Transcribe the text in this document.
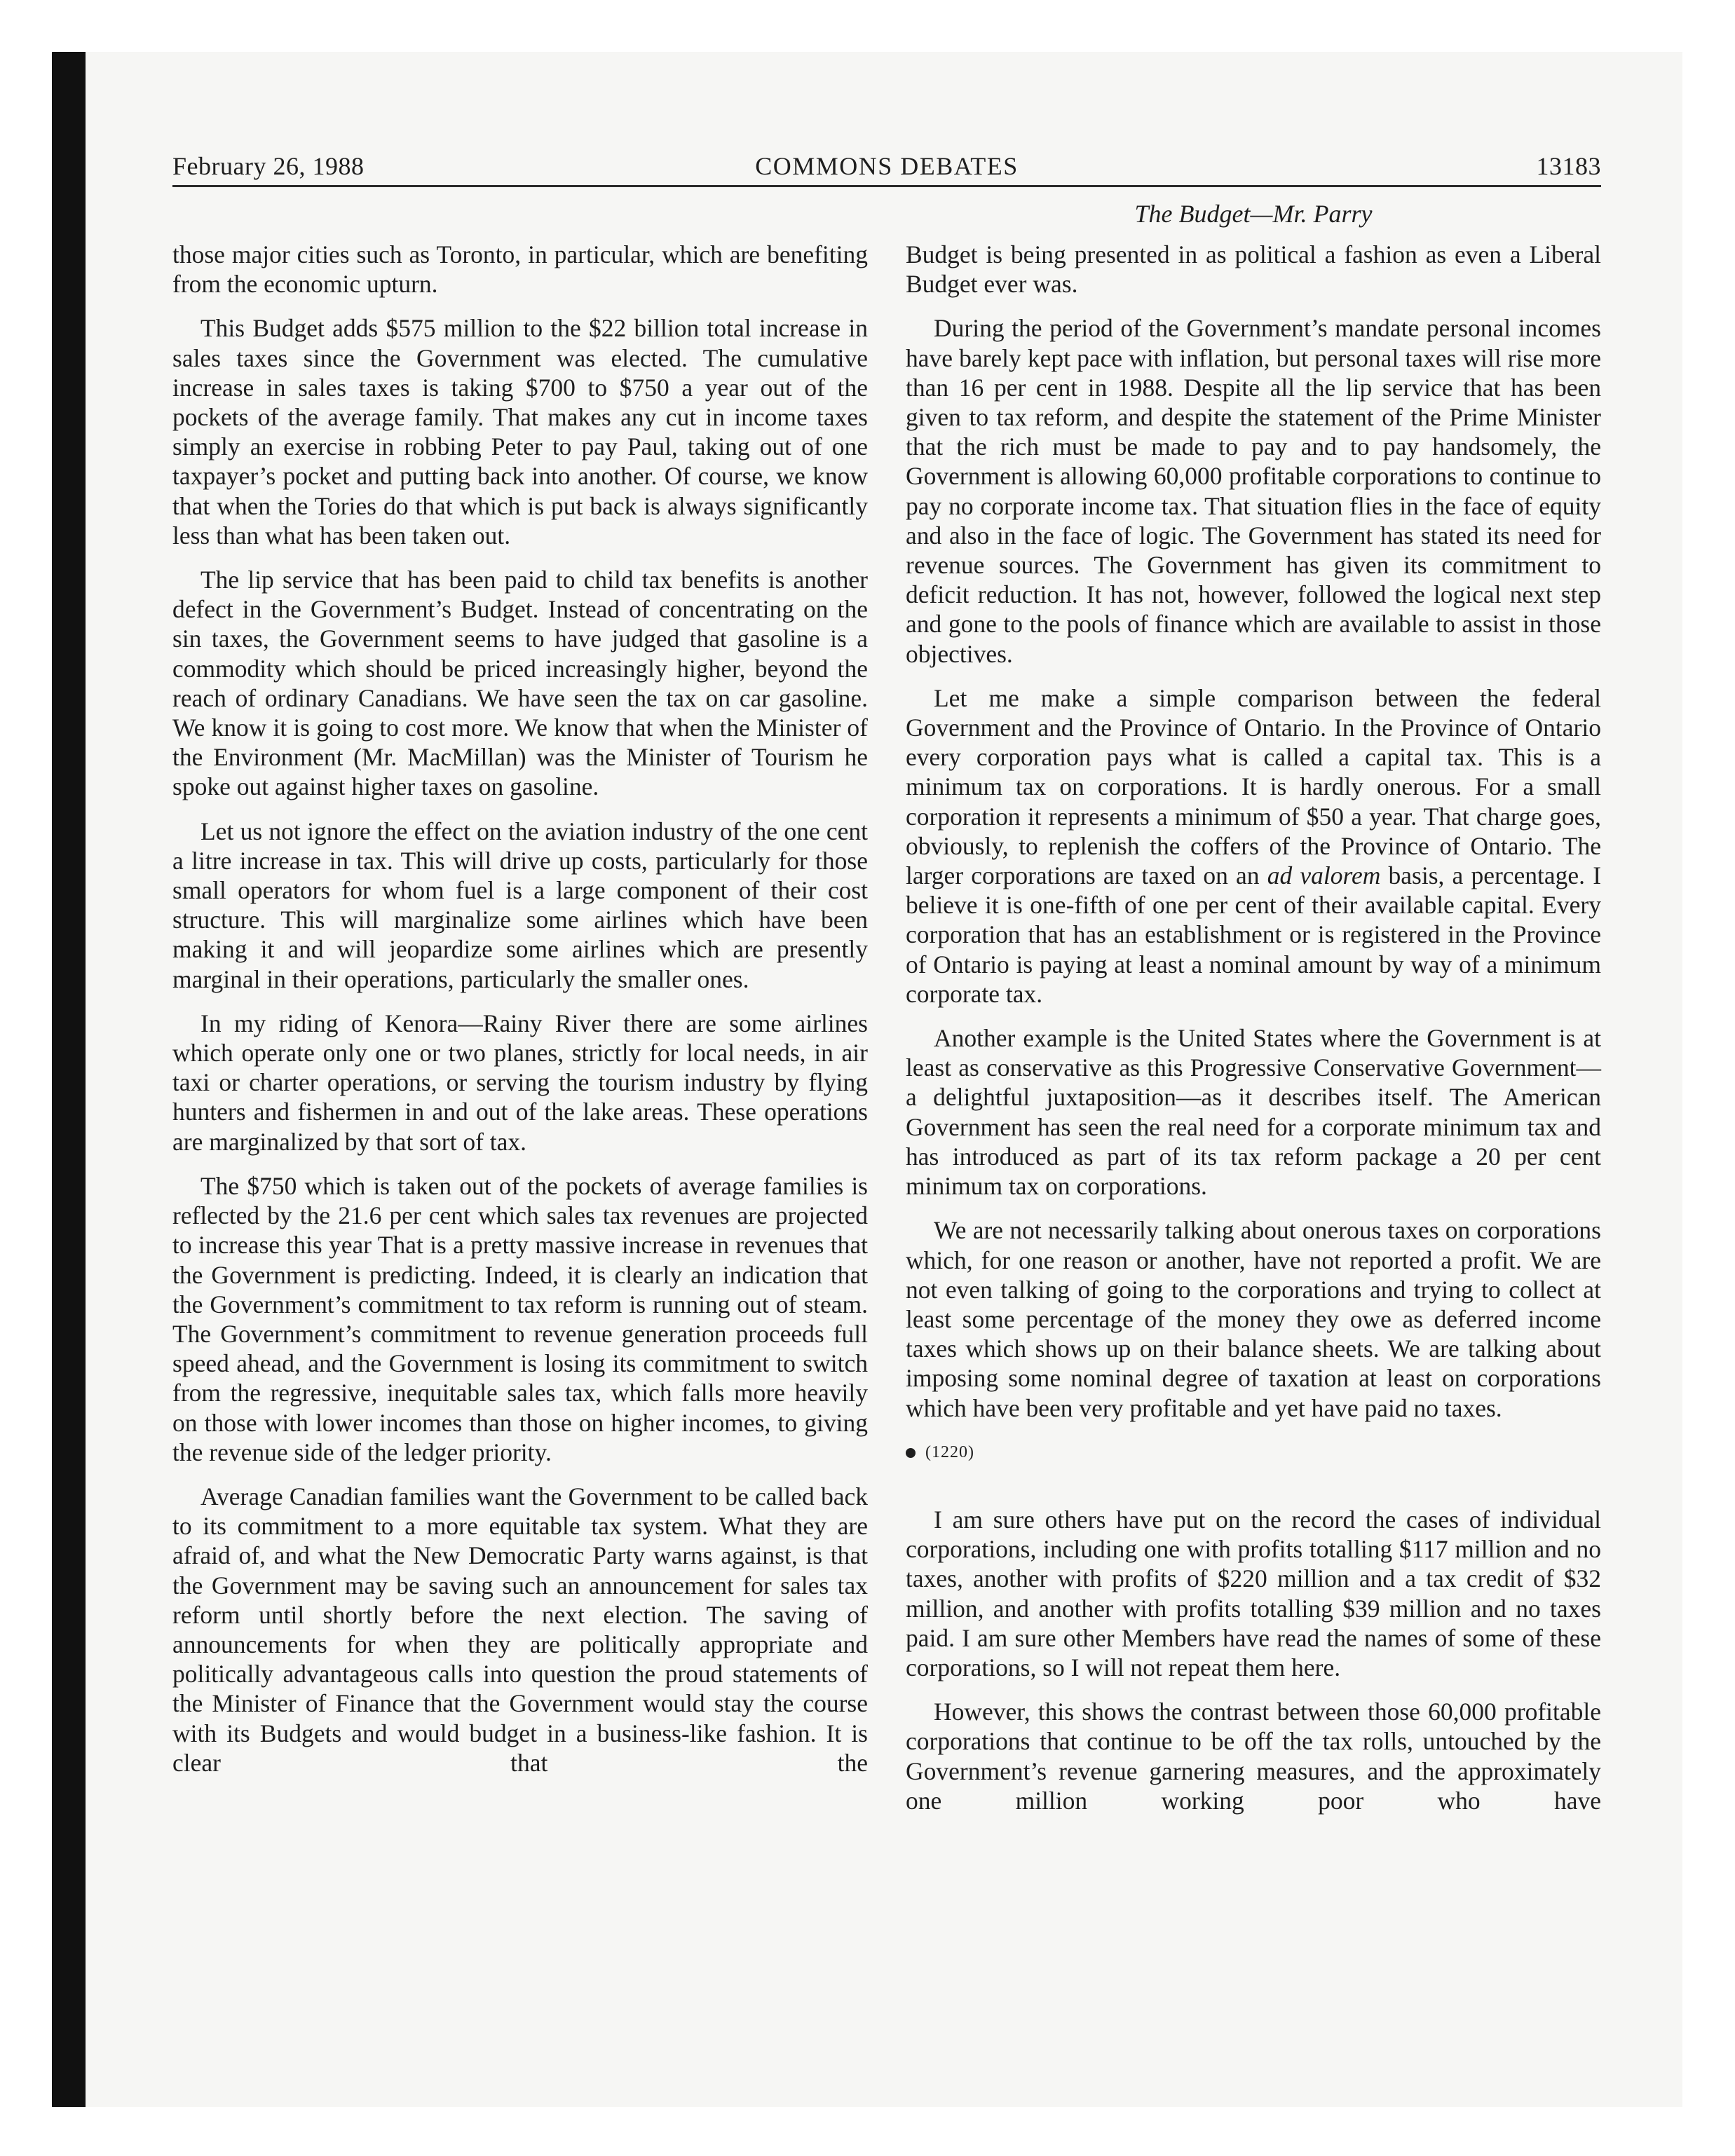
February 26, 1988	COMMONS DEBATES	13183
The Budget—Mr. Parry

those major cities such as Toronto, in particular, which are benefiting from the economic upturn.

This Budget adds $575 million to the $22 billion total increase in sales taxes since the Government was elected. The cumulative increase in sales taxes is taking $700 to $750 a year out of the pockets of the average family. That makes any cut in income taxes simply an exercise in robbing Peter to pay Paul, taking out of one taxpayer’s pocket and putting back into another. Of course, we know that when the Tories do that which is put back is always significantly less than what has been taken out.

The lip service that has been paid to child tax benefits is another defect in the Government’s Budget. Instead of concentrating on the sin taxes, the Government seems to have judged that gasoline is a commodity which should be priced increasingly higher, beyond the reach of ordinary Canadians. We have seen the tax on car gasoline. We know it is going to cost more. We know that when the Minister of the Environment (Mr. MacMillan) was the Minister of Tourism he spoke out against higher taxes on gasoline.

Let us not ignore the effect on the aviation industry of the one cent a litre increase in tax. This will drive up costs, particularly for those small operators for whom fuel is a large component of their cost structure. This will marginalize some airlines which have been making it and will jeopardize some airlines which are presently marginal in their operations, particularly the smaller ones.

In my riding of Kenora—Rainy River there are some airlines which operate only one or two planes, strictly for local needs, in air taxi or charter operations, or serving the tourism industry by flying hunters and fishermen in and out of the lake areas. These operations are marginalized by that sort of tax.

The $750 which is taken out of the pockets of average families is reflected by the 21.6 per cent which sales tax revenues are projected to increase this year That is a pretty massive increase in revenues that the Government is predicting. Indeed, it is clearly an indication that the Government’s commitment to tax reform is running out of steam. The Government’s commitment to revenue generation proceeds full speed ahead, and the Government is losing its commitment to switch from the regressive, inequitable sales tax, which falls more heavily on those with lower incomes than those on higher incomes, to giving the revenue side of the ledger priority.

Average Canadian families want the Government to be called back to its commitment to a more equitable tax system. What they are afraid of, and what the New Democratic Party warns against, is that the Government may be saving such an announcement for sales tax reform until shortly before the next election. The saving of announcements for when they are politically appropriate and politically advantageous calls into question the proud statements of the Minister of Finance that the Government would stay the course with its Budgets and would budget in a business-like fashion. It is clear that the

Budget is being presented in as political a fashion as even a Liberal Budget ever was.

During the period of the Government’s mandate personal incomes have barely kept pace with inflation, but personal taxes will rise more than 16 per cent in 1988. Despite all the lip service that has been given to tax reform, and despite the statement of the Prime Minister that the rich must be made to pay and to pay handsomely, the Government is allowing 60,000 profitable corporations to continue to pay no corporate income tax. That situation flies in the face of equity and also in the face of logic. The Government has stated its need for revenue sources. The Government has given its commitment to deficit reduction. It has not, however, followed the logical next step and gone to the pools of finance which are available to assist in those objectives.

Let me make a simple comparison between the federal Government and the Province of Ontario. In the Province of Ontario every corporation pays what is called a capital tax. This is a minimum tax on corporations. It is hardly onerous. For a small corporation it represents a minimum of $50 a year. That charge goes, obviously, to replenish the coffers of the Province of Ontario. The larger corporations are taxed on an ad valorem basis, a percentage. I believe it is one-fifth of one per cent of their available capital. Every corporation that has an establishment or is registered in the Province of Ontario is paying at least a nominal amount by way of a minimum corporate tax.

Another example is the United States where the Government is at least as conservative as this Progressive Conservative Government—a delightful juxtaposition—as it describes itself. The American Government has seen the real need for a corporate minimum tax and has introduced as part of its tax reform package a 20 per cent minimum tax on corporations.

We are not necessarily talking about onerous taxes on corporations which, for one reason or another, have not reported a profit. We are not even talking of going to the corporations and trying to collect at least some percentage of the money they owe as deferred income taxes which shows up on their balance sheets. We are talking about imposing some nominal degree of taxation at least on corporations which have been very profitable and yet have paid no taxes.

(1220)

I am sure others have put on the record the cases of individual corporations, including one with profits totalling $117 million and no taxes, another with profits of $220 million and a tax credit of $32 million, and another with profits totalling $39 million and no taxes paid. I am sure other Members have read the names of some of these corporations, so I will not repeat them here.

However, this shows the contrast between those 60,000 profitable corporations that continue to be off the tax rolls, untouched by the Government’s revenue garnering measures, and the approximately one million working poor who have
